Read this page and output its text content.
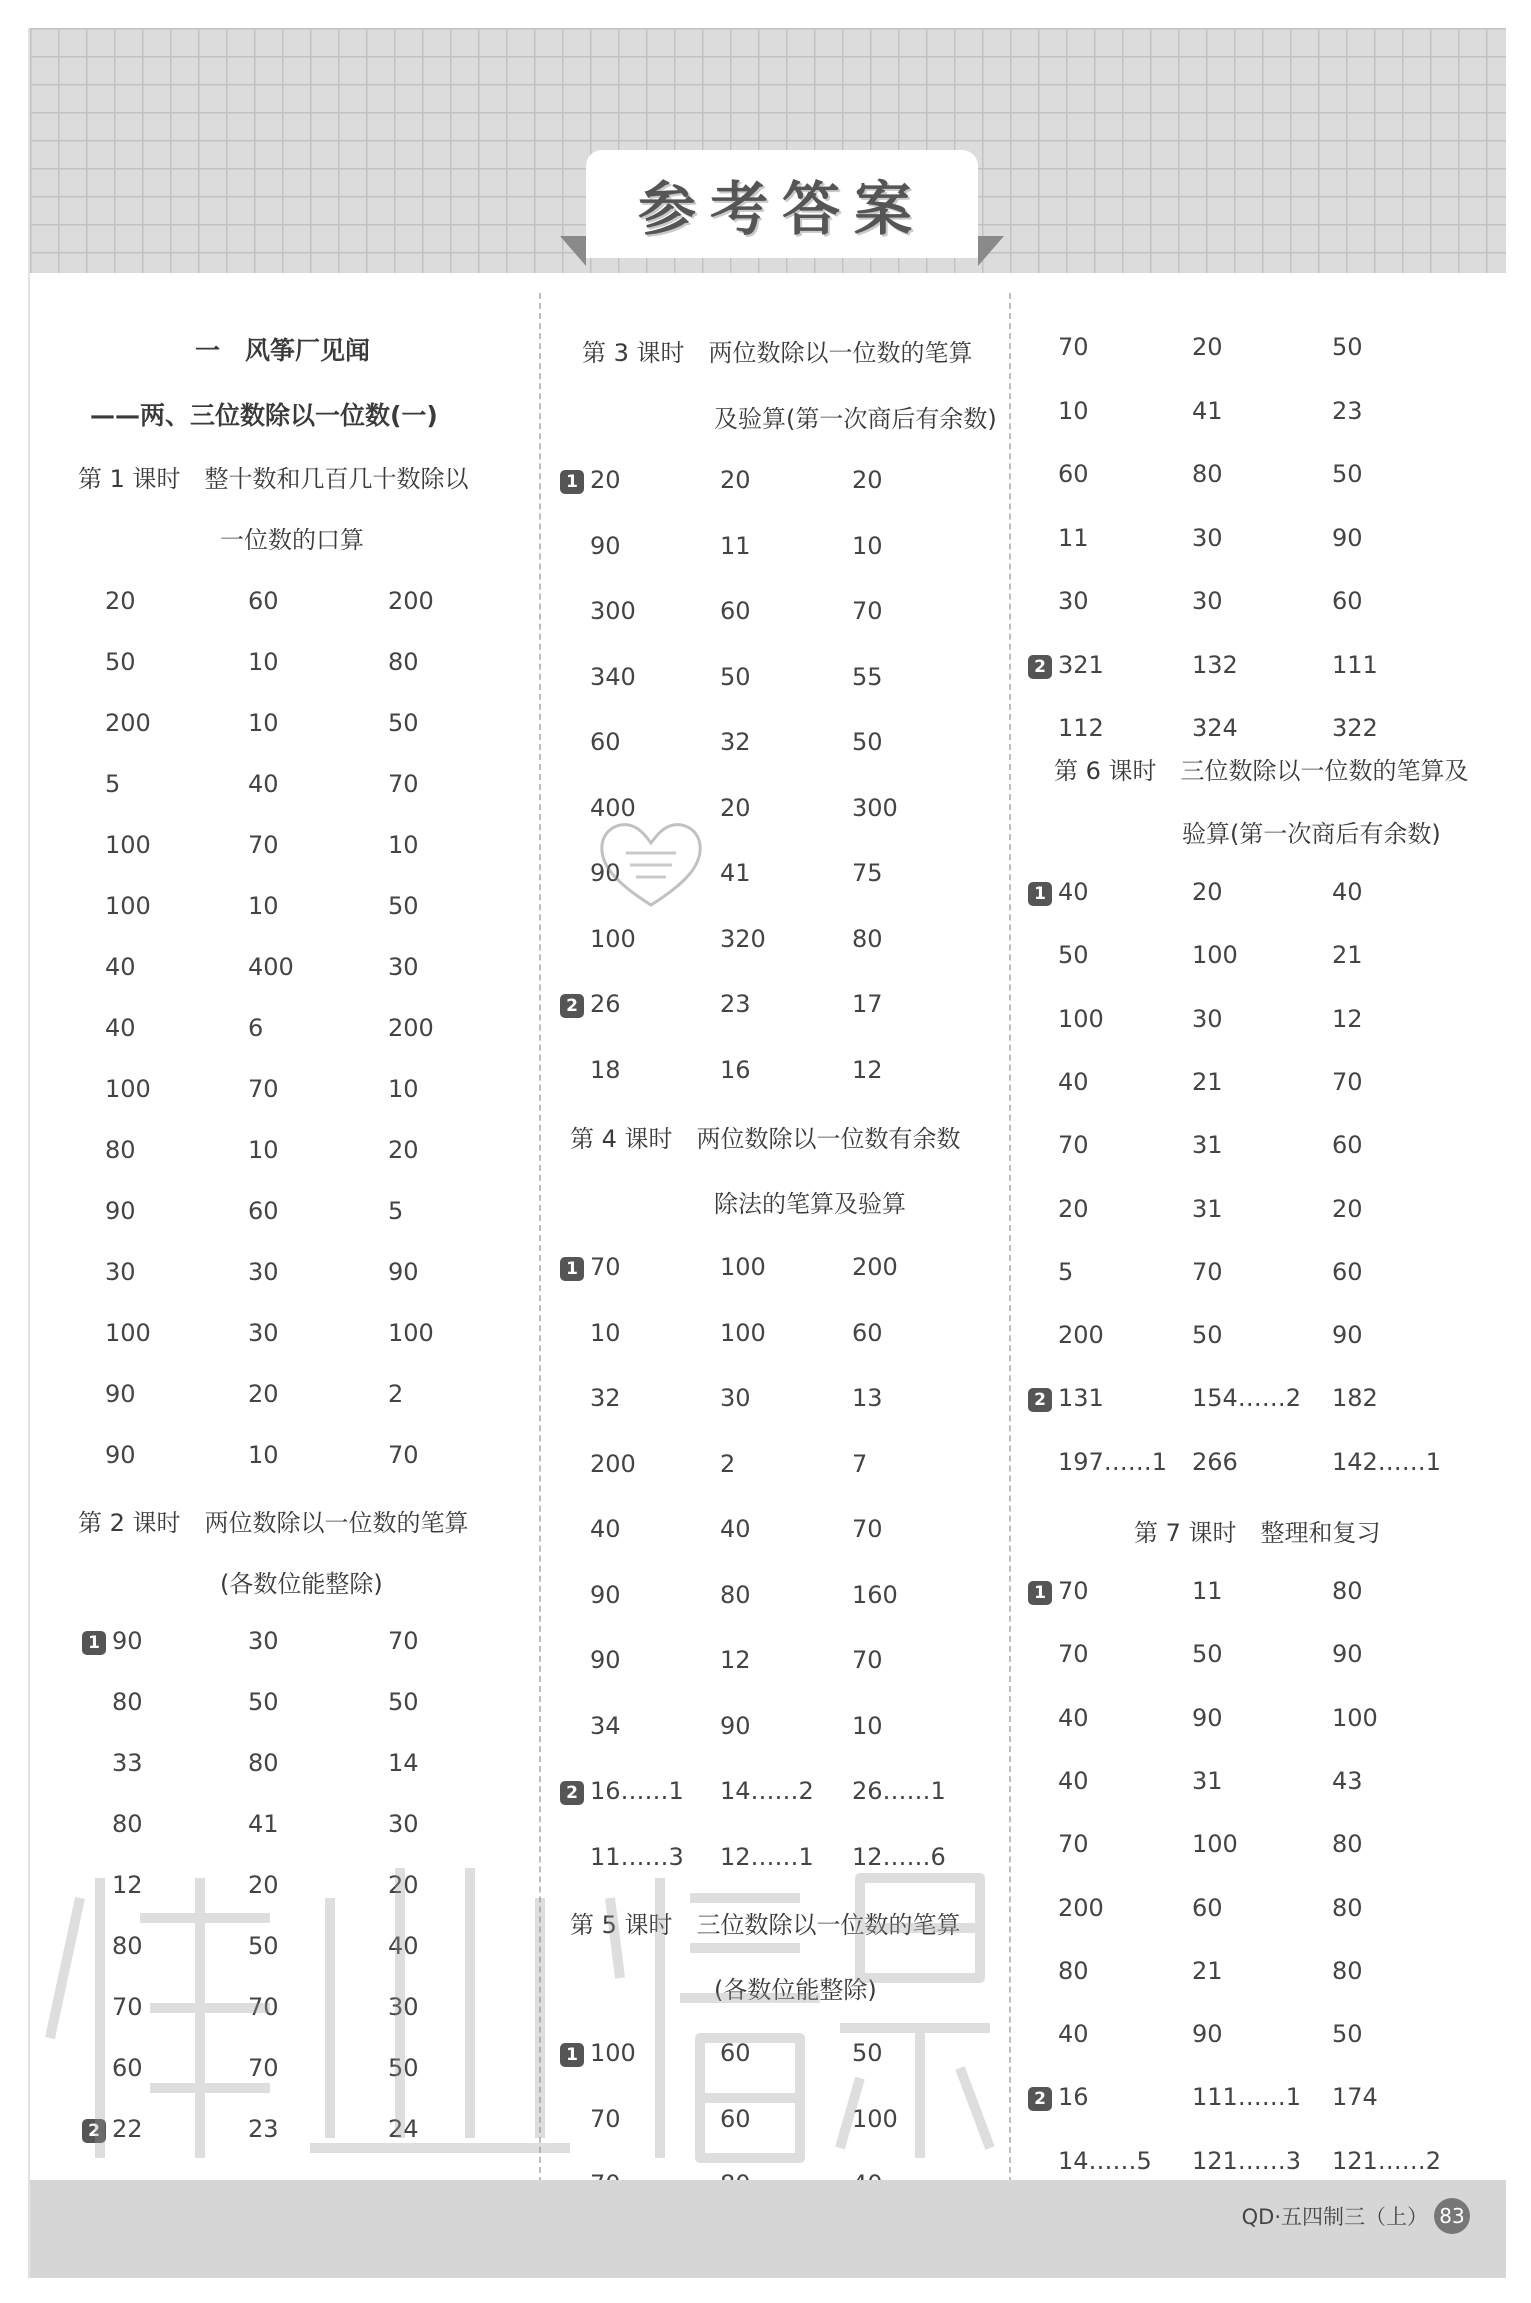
参考答案
一　风筝厂见闻
——两、三位数除以一位数(一)
第 1 课时　整十数和几百几十数除以
一位数的口算
20	60	200
50	10	80
200	10	50
5	40	70
100	70	10
100	10	50
40	400	30
40	6	200
100	70	10
80	10	20
90	60	5
30	30	90
100	30	100
90	20	2
90	10	70
第 2 课时　两位数除以一位数的笔算
(各数位能整除)
90	30	70
1
80	50	50
33	80	14
80	41	30
12	20	20
80	50	40
70	70	30
60	70	50
22	23	24
2
第 3 课时　两位数除以一位数的笔算
及验算(第一次商后有余数)
20	20	20
1
90	11	10
300	60	70
340	50	55
60	32	50
400	20	300
90	41	75
100	320	80
26	23	17
2
18	16	12
第 4 课时　两位数除以一位数有余数
除法的笔算及验算
70	100	200
1
10	100	60
32	30	13
200	2	7
40	40	70
90	80	160
90	12	70
34	90	10
16……1 14……2 26……1
2
11……3 12……1 12……6
第 5 课时　三位数除以一位数的笔算
(各数位能整除)
100	60	50
1
70	60	100
70	20	50
10	41	23
60	80	50
11	30	90
30	30	60
321	132	111
2
112	324	322
第 6 课时　三位数除以一位数的笔算及
验算(第一次商后有余数)
40	20	40
1
50	100	21
100	30	12
40	21	70
70	31	60
20	31	20
5	70	60
200	50	90
131	154……2 182
2
197……1 266	142……1
第 7 课时　整理和复习
70	11	80
1
70	50	90
40	90	100
40	31	43
70	100	80
200	60	80
80	21	80
40	90	50
16	111……1 174
2
14……5 121……3 121……2
QD·五四制三（上） 83
